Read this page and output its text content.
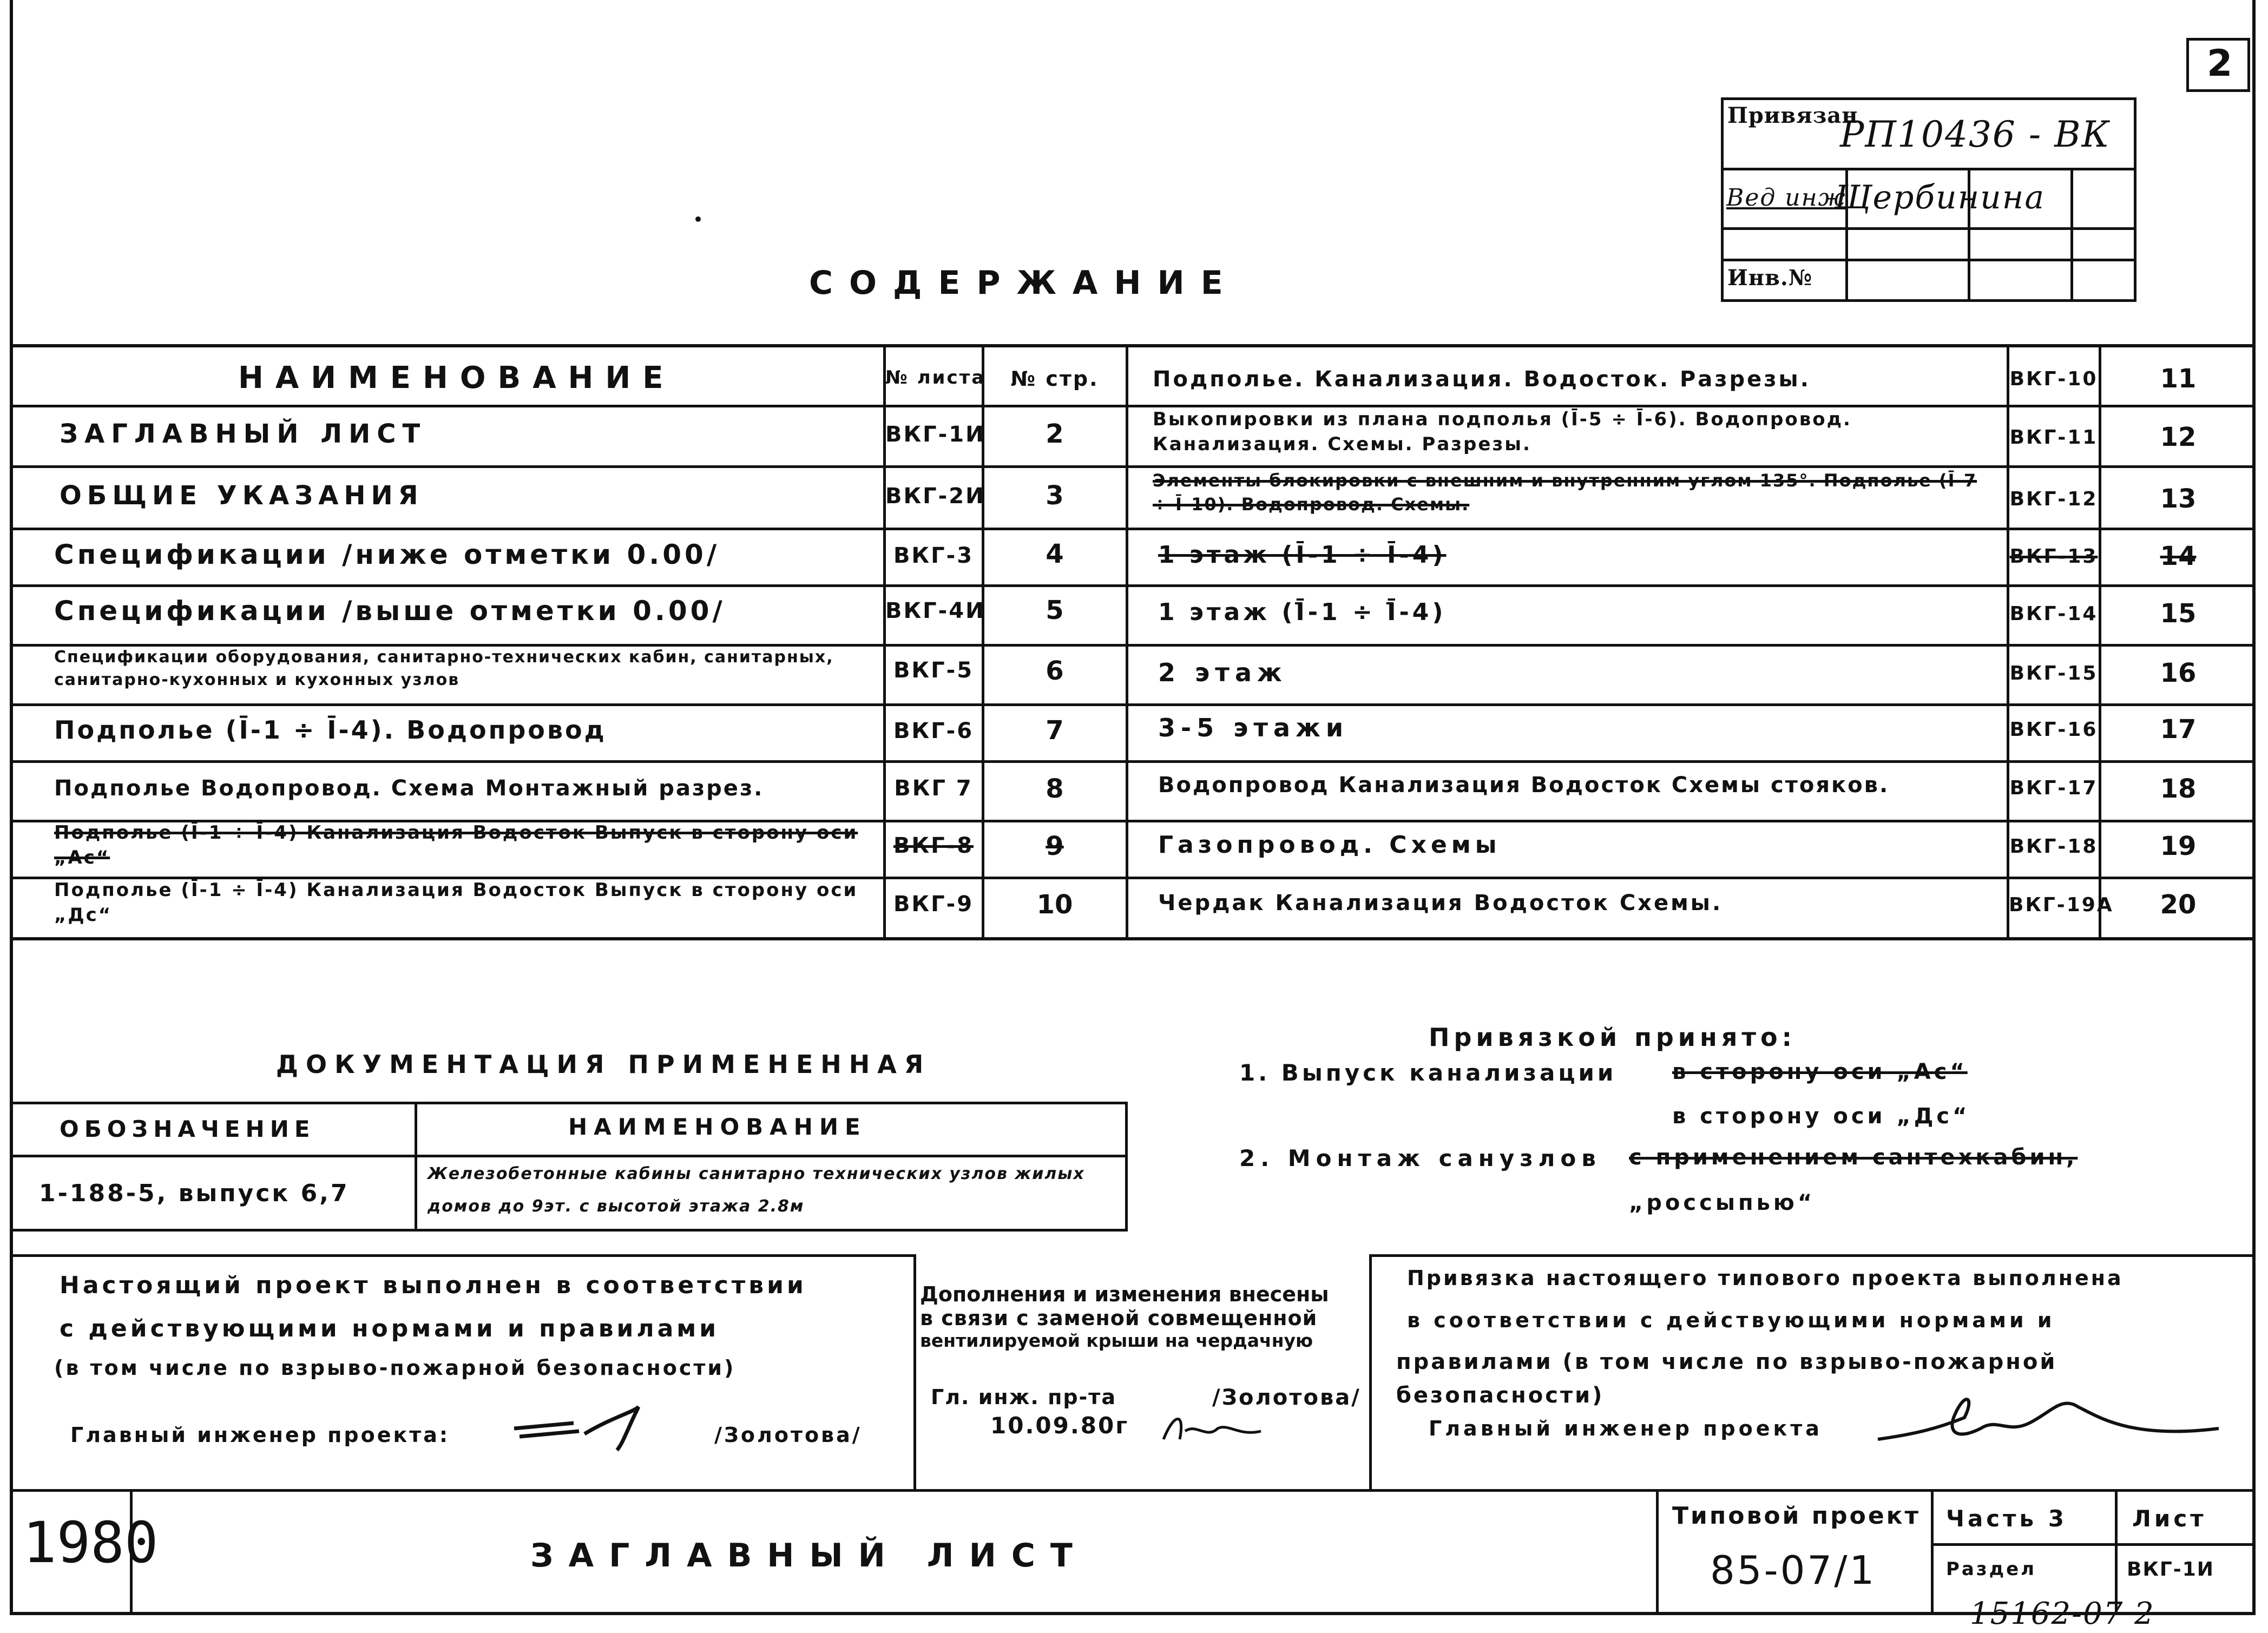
2
Привязан
РП10436 - ВК
Вед инж
Щербинина
Инв.№
СОДЕРЖАНИЕ
НАИМЕНОВАНИЕ	№ листа	№ стр.
ЗАГЛАВНЫЙ ЛИСТ	ВКГ-1И	2
ОБЩИЕ УКАЗАНИЯ	ВКГ-2И	3
Спецификации /ниже отметки 0.00/	ВКГ-3	4
Спецификации /выше отметки 0.00/	ВКГ-4И	5
Спецификации оборудования, санитарно-технических кабин, санитарных, санитарно-кухонных и кухонных узлов	ВКГ-5	6
Подполье (Ī-1 ÷ Ī-4). Водопровод	ВКГ-6	7
Подполье Водопровод. Схема Монтажный разрез.	ВКГ 7	8
Подполье (Ī-1 ÷ Ī-4) Канализация Водосток Выпуск в сторону оси „Ас“	ВКГ-8	9
Подполье (Ī-1 ÷ Ī-4) Канализация Водосток Выпуск в сторону оси „Дс“	ВКГ-9	10
Подполье. Канализация. Водосток. Разрезы.	ВКГ-10	11
Выкопировки из плана подполья (Ī-5 ÷ Ī-6). Водопровод. Канализация. Схемы. Разрезы.	ВКГ-11	12
Элементы блокировки с внешним и внутренним углом 135°. Подполье (Ī-7 ÷ Ī-10). Водопровод. Схемы.	ВКГ-12	13
1 этаж (Ī-1 ÷ Ī-4)	ВКГ-13	14
1 этаж (Ī̄-1 ÷ Ī̄-4)	ВКГ-14	15
2 этаж	ВКГ-15	16
3-5 этажи	ВКГ-16	17
Водопровод Канализация Водосток Схемы стояков.	ВКГ-17	18
Газопровод. Схемы	ВКГ-18	19
Чердак Канализация Водосток Схемы.	ВКГ-19А	20
ДОКУМЕНТАЦИЯ ПРИМЕНЕННАЯ
ОБОЗНАЧЕНИЕ	НАИМЕНОВАНИЕ
1-188-5, выпуск 6,7
Железобетонные кабины санитарно технических узлов жилых домов до 9эт. с высотой этажа 2.8м
Привязкой принято:
1. Выпуск канализации	в сторону оси „Ас“
в сторону оси „Дс“
2. Монтаж санузлов с применением сантехкабин,
„россыпью“
Настоящий проект выполнен в соответствии
с действующими нормами и правилами
(в том числе по взрыво-пожарной безопасности)
Главный инженер проекта:	/Золотова/
Дополнения и изменения внесены
в связи с заменой совмещенной
вентилируемой крыши на чердачную
Гл. инж. пр-та	/Золотова/
10.09.80г
Привязка настоящего типового проекта выполнена
в соответствии с действующими нормами и
правилами (в том числе по взрыво-пожарной
безопасности)
Главный инженер проекта
1980	ЗАГЛАВНЫЙ ЛИСТ
Типовой проект
85-07/1
Часть 3
Раздел
Лист
ВКГ-1И
15162-07 2
